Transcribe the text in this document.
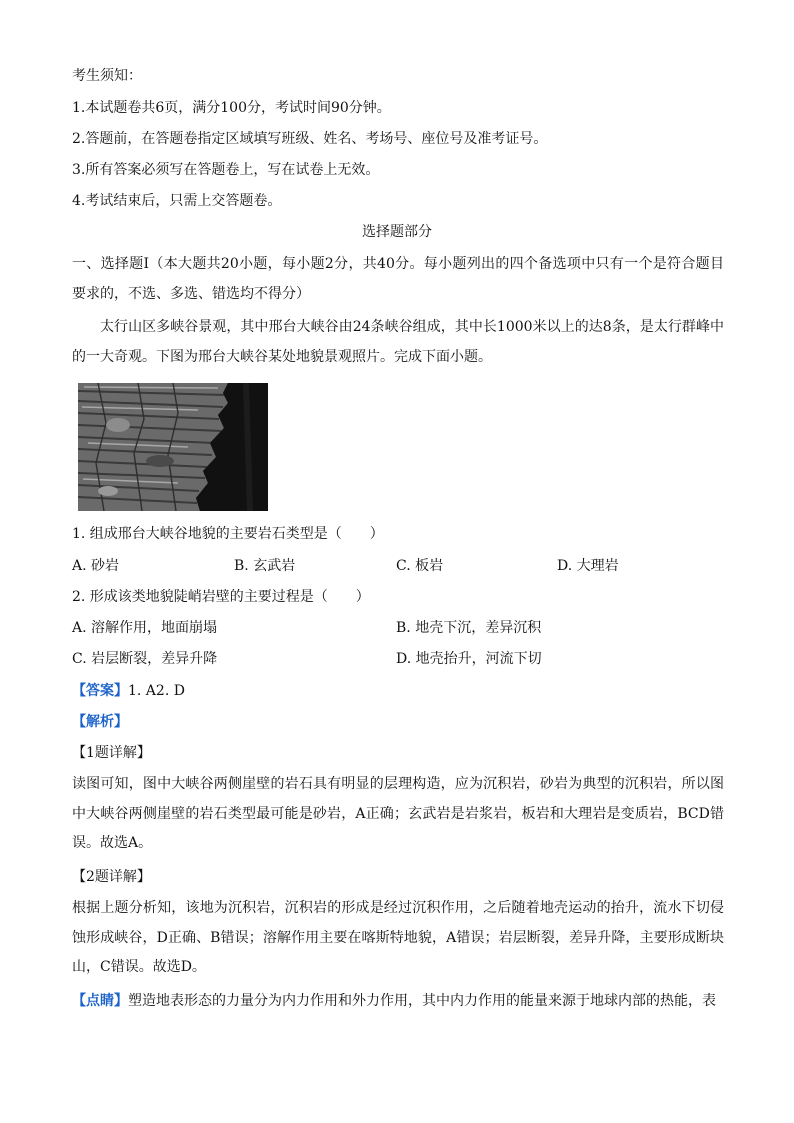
考生须知：
1.本试题卷共6页，满分100分，考试时间90分钟。
2.答题前，在答题卷指定区域填写班级、姓名、考场号、座位号及准考证号。
3.所有答案必须写在答题卷上，写在试卷上无效。
4.考试结束后，只需上交答题卷。
选择题部分
一、选择题Ⅰ（本大题共20小题，每小题2分，共40分。每小题列出的四个备选项中只有一个是符合题目要求的，不选、多选、错选均不得分）
太行山区多峡谷景观，其中邢台大峡谷由24条峡谷组成，其中长1000米以上的达8条，是太行群峰中的一大奇观。下图为邢台大峡谷某处地貌景观照片。完成下面小题。
1. 组成邢台大峡谷地貌的主要岩石类型是（　　）
A. 砂岩	B. 玄武岩	C. 板岩	D. 大理岩
2. 形成该类地貌陡峭岩壁的主要过程是（　　）
A. 溶解作用，地面崩塌	B. 地壳下沉，差异沉积
C. 岩层断裂，差异升降	D. 地壳抬升，河流下切
【答案】1. A2. D
【解析】
【1题详解】
读图可知，图中大峡谷两侧崖壁的岩石具有明显的层理构造，应为沉积岩，砂岩为典型的沉积岩，所以图中大峡谷两侧崖壁的岩石类型最可能是砂岩，A正确；玄武岩是岩浆岩，板岩和大理岩是变质岩，BCD错误。故选A。
【2题详解】
根据上题分析知，该地为沉积岩，沉积岩的形成是经过沉积作用，之后随着地壳运动的抬升，流水下切侵蚀形成峡谷，D正确、B错误；溶解作用主要在喀斯特地貌，A错误；岩层断裂，差异升降，主要形成断块山，C错误。故选D。
【点睛】塑造地表形态的力量分为内力作用和外力作用，其中内力作用的能量来源于地球内部的热能，表
